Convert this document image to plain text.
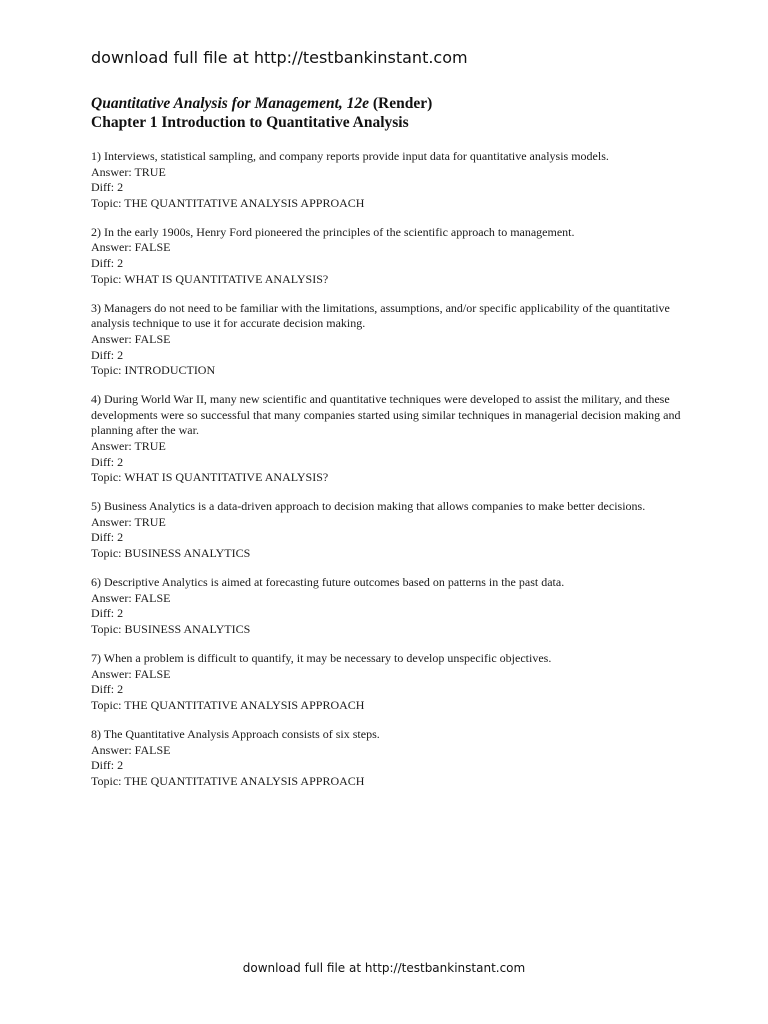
download full file at http://testbankinstant.com
Quantitative Analysis for Management, 12e (Render)
Chapter 1 Introduction to Quantitative Analysis
1) Interviews, statistical sampling, and company reports provide input data for quantitative analysis models.
Answer: TRUE
Diff: 2
Topic: THE QUANTITATIVE ANALYSIS APPROACH
2) In the early 1900s, Henry Ford pioneered the principles of the scientific approach to management.
Answer: FALSE
Diff: 2
Topic: WHAT IS QUANTITATIVE ANALYSIS?
3) Managers do not need to be familiar with the limitations, assumptions, and/or specific applicability of the quantitative analysis technique to use it for accurate decision making.
Answer: FALSE
Diff: 2
Topic: INTRODUCTION
4) During World War II, many new scientific and quantitative techniques were developed to assist the military, and these developments were so successful that many companies started using similar techniques in managerial decision making and planning after the war.
Answer: TRUE
Diff: 2
Topic: WHAT IS QUANTITATIVE ANALYSIS?
5) Business Analytics is a data-driven approach to decision making that allows companies to make better decisions.
Answer: TRUE
Diff: 2
Topic: BUSINESS ANALYTICS
6) Descriptive Analytics is aimed at forecasting future outcomes based on patterns in the past data.
Answer: FALSE
Diff: 2
Topic: BUSINESS ANALYTICS
7) When a problem is difficult to quantify, it may be necessary to develop unspecific objectives.
Answer: FALSE
Diff: 2
Topic: THE QUANTITATIVE ANALYSIS APPROACH
8) The Quantitative Analysis Approach consists of six steps.
Answer: FALSE
Diff: 2
Topic: THE QUANTITATIVE ANALYSIS APPROACH
download full file at http://testbankinstant.com
